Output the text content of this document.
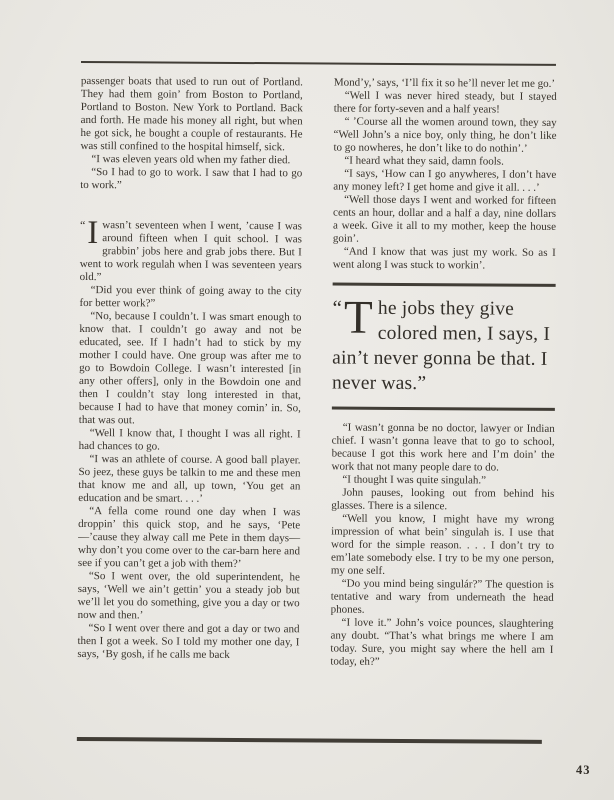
passenger boats that used to run out of Portland. They had them goin’ from Boston to Portland, Portland to Boston. New York to Portland. Back and forth. He made his money all right, but when he got sick, he bought a couple of restaurants. He was still confined to the hospital himself, sick.

“I was eleven years old when my father died.

“So I had to go to work. I saw that I had to go to work.”

“ I wasn’t seventeen when I went, ’cause I was around fifteen when I quit school. I was grabbin’ jobs here and grab jobs there. But I went to work regulah when I was seventeen years old.”

“Did you ever think of going away to the city for better work?”

“No, because I couldn’t. I was smart enough to know that. I couldn’t go away and not be educated, see. If I hadn’t had to stick by my mother I could have. One group was after me to go to Bowdoin College. I wasn’t interested [in any other offers], only in the Bowdoin one and then I couldn’t stay long interested in that, because I had to have that money comin’ in. So, that was out.

“Well I know that, I thought I was all right. I had chances to go.

“I was an athlete of course. A good ball player. So jeez, these guys be talkin to me and these men that know me and all, up town, ‘You get an education and be smart. . . .’

“A fella come round one day when I was droppin’ this quick stop, and he says, ‘Pete—’cause they alway call me Pete in them days—why don’t you come over to the car-barn here and see if you can’t get a job with them?’

“So I went over, the old superintendent, he says, ‘Well we ain’t gettin’ you a steady job but we’ll let you do something, give you a day or two now and then.’

“So I went over there and got a day or two and then I got a week. So I told my mother one day, I says, ‘By gosh, if he calls me back

Mond’y,’ says, ‘I’ll fix it so he’ll never let me go.’

“Well I was never hired steady, but I stayed there for forty-seven and a half years!

“ ’Course all the women around town, they say “Well John’s a nice boy, only thing, he don’t like to go nowheres, he don’t like to do nothin’.’

“I heard what they said, damn fools.

“I says, ‘How can I go anywheres, I don’t have any money left? I get home and give it all. . . .’

“Well those days I went and worked for fifteen cents an hour, dollar and a half a day, nine dollars a week. Give it all to my mother, keep the house goin’.

“And I know that was just my work. So as I went along I was stuck to workin’.

“ T he jobs they give colored men, I says, I ain’t never gonna be that. I never was.”

“I wasn’t gonna be no doctor, lawyer or Indian chief. I wasn’t gonna leave that to go to school, because I got this work here and I’m doin’ the work that not many people dare to do.

“I thought I was quite singulah.”

John pauses, looking out from behind his glasses. There is a silence.

“Well you know, I might have my wrong impression of what bein’ singulah is. I use that word for the simple reason. . . . I don’t try to em’late somebody else. I try to be my one person, my one self.

“Do you mind being singulár?” The question is tentative and wary from underneath the head phones.

“I love it.” John’s voice pounces, slaughtering any doubt. “That’s what brings me where I am today. Sure, you might say where the hell am I today, eh?”

43
